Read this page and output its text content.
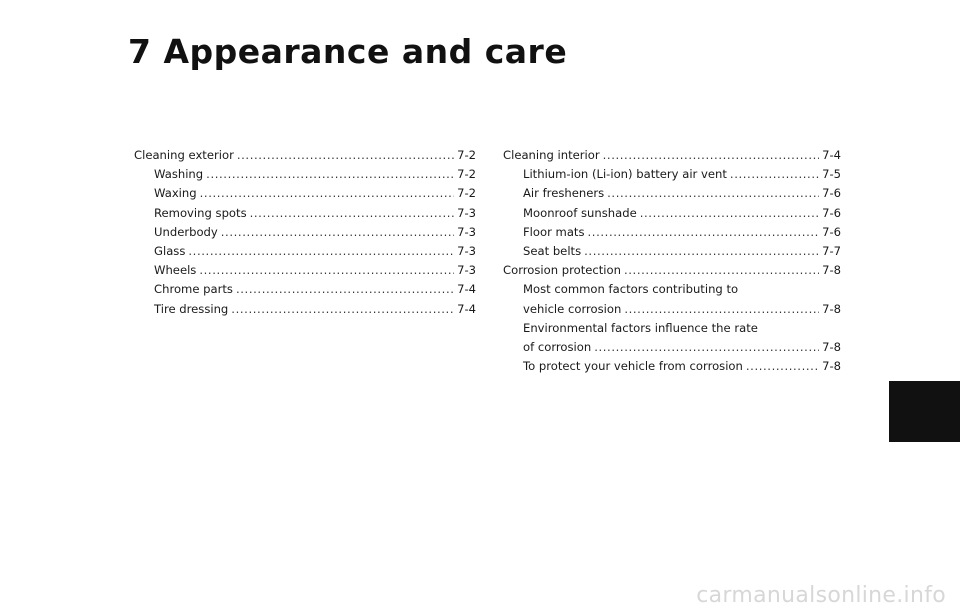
7 Appearance and care
Cleaning exterior .....	7-2
Washing .....	7-2
Waxing .....	7-2
Removing spots .....	7-3
Underbody .....	7-3
Glass .....	7-3
Wheels .....	7-3
Chrome parts .....	7-4
Tire dressing .....	7-4
Cleaning interior .....	7-4
Lithium-ion (Li-ion) battery air vent .....	7-5
Air fresheners .....	7-6
Moonroof sunshade .....	7-6
Floor mats .....	7-6
Seat belts .....	7-7
Corrosion protection .....	7-8
Most common factors contributing to
vehicle corrosion .....	7-8
Environmental factors influence the rate
of corrosion .....	7-8
To protect your vehicle from corrosion .....	7-8
carmanualsonline.info
